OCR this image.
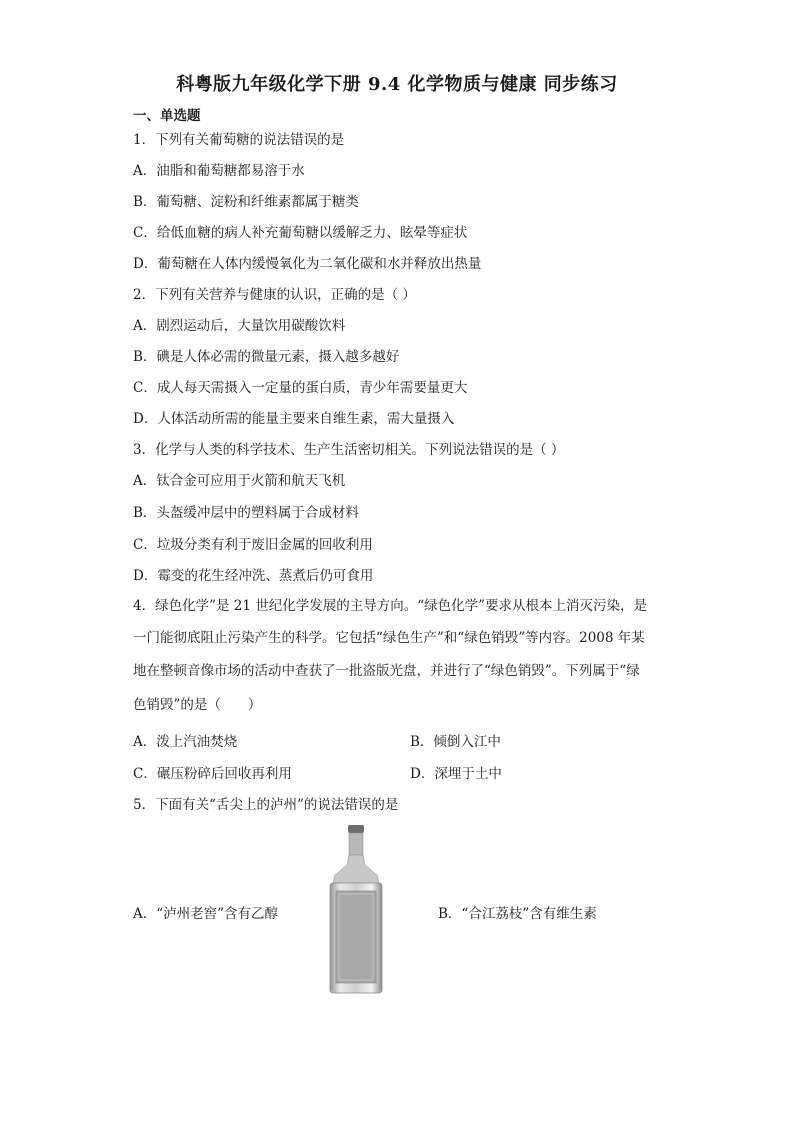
科粤版九年级化学下册 9.4 化学物质与健康 同步练习
一、单选题
1．下列有关葡萄糖的说法错误的是
A．油脂和葡萄糖都易溶于水
B．葡萄糖、淀粉和纤维素都属于糖类
C．给低血糖的病人补充葡萄糖以缓解乏力、眩晕等症状
D．葡萄糖在人体内缓慢氧化为二氧化碳和水并释放出热量
2．下列有关营养与健康的认识，正确的是（ ）
A．剧烈运动后，大量饮用碳酸饮料
B．碘是人体必需的微量元素，摄入越多越好
C．成人每天需摄入一定量的蛋白质，青少年需要量更大
D．人体活动所需的能量主要来自维生素，需大量摄入
3．化学与人类的科学技术、生产生活密切相关。下列说法错误的是（ ）
A．钛合金可应用于火箭和航天飞机
B．头盔缓冲层中的塑料属于合成材料
C．垃圾分类有利于废旧金属的回收利用
D．霉变的花生经冲洗、蒸煮后仍可食用
4．绿色化学”是 21 世纪化学发展的主导方向。“绿色化学”要求从根本上消灭污染，是
一门能彻底阻止污染产生的科学。它包括“绿色生产”和“绿色销毁”等内容。2008 年某
地在整顿音像市场的活动中查获了一批盗版光盘，并进行了“绿色销毁”。下列属于“绿
色销毁”的是（　　）
A．泼上汽油焚烧	B．倾倒入江中
C．碾压粉碎后回收再利用	D．深埋于土中
5．下面有关“舌尖上的泸州”的说法错误的是
A．“泸州老窖”含有乙醇	B．“合江荔枝”含有维生素
